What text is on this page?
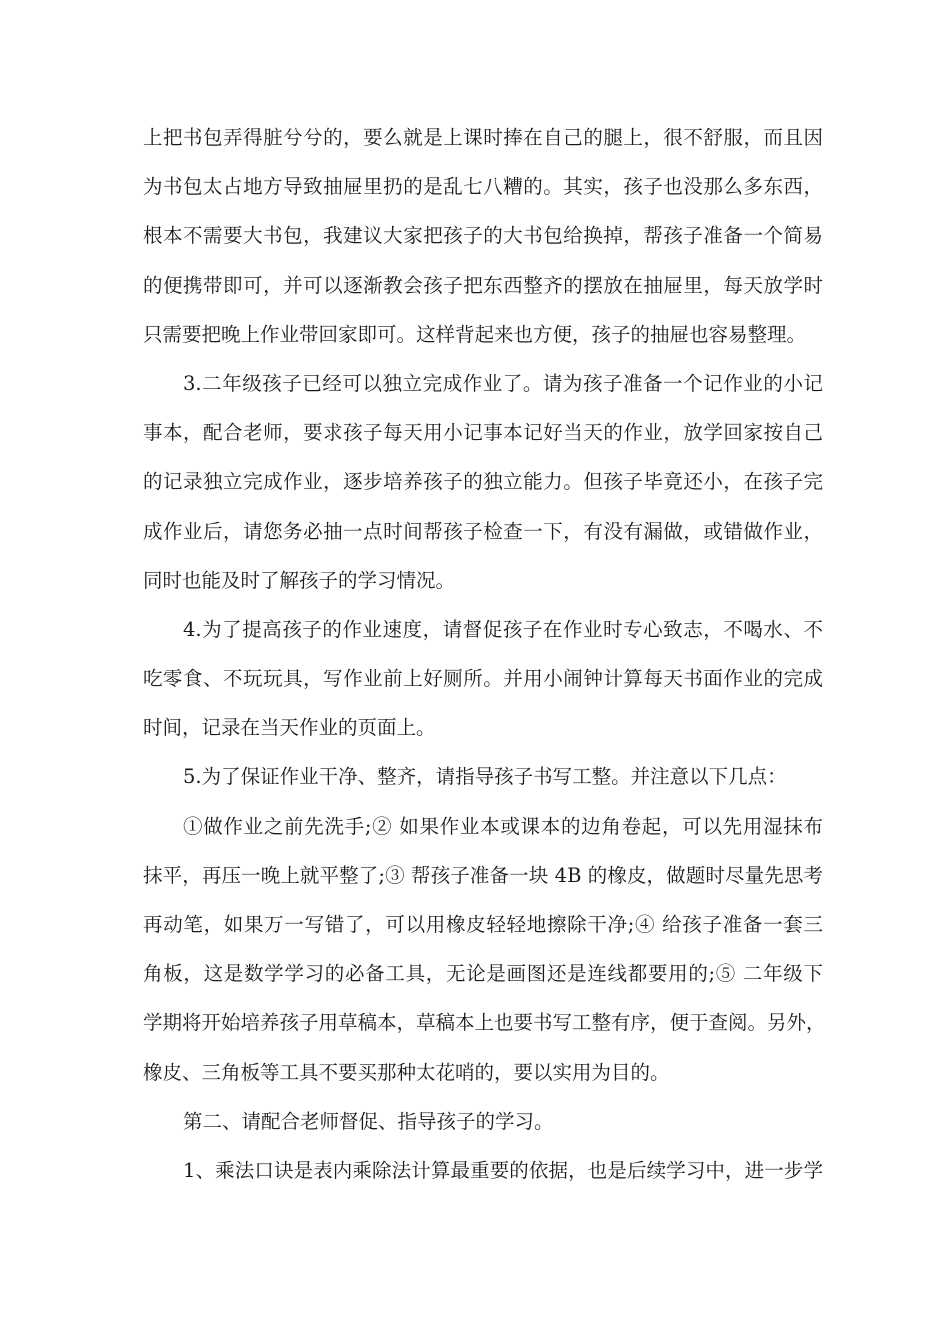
上把书包弄得脏兮兮的，要么就是上课时捧在自己的腿上，很不舒服，而且因
为书包太占地方导致抽屉里扔的是乱七八糟的。其实，孩子也没那么多东西，
根本不需要大书包，我建议大家把孩子的大书包给换掉，帮孩子准备一个简易
的便携带即可，并可以逐渐教会孩子把东西整齐的摆放在抽屉里，每天放学时
只需要把晚上作业带回家即可。这样背起来也方便，孩子的抽屉也容易整理。
3.二年级孩子已经可以独立完成作业了。请为孩子准备一个记作业的小记
事本，配合老师，要求孩子每天用小记事本记好当天的作业，放学回家按自己
的记录独立完成作业，逐步培养孩子的独立能力。但孩子毕竟还小，在孩子完
成作业后，请您务必抽一点时间帮孩子检查一下，有没有漏做，或错做作业，
同时也能及时了解孩子的学习情况。
4.为了提高孩子的作业速度，请督促孩子在作业时专心致志，不喝水、不
吃零食、不玩玩具，写作业前上好厕所。并用小闹钟计算每天书面作业的完成
时间，记录在当天作业的页面上。
5.为了保证作业干净、整齐，请指导孩子书写工整。并注意以下几点：
①做作业之前先洗手;② 如果作业本或课本的边角卷起，可以先用湿抹布
抹平，再压一晚上就平整了;③ 帮孩子准备一块 4B 的橡皮，做题时尽量先思考
再动笔，如果万一写错了，可以用橡皮轻轻地擦除干净;④ 给孩子准备一套三
角板，这是数学学习的必备工具，无论是画图还是连线都要用的;⑤ 二年级下
学期将开始培养孩子用草稿本，草稿本上也要书写工整有序，便于查阅。另外，
橡皮、三角板等工具不要买那种太花哨的，要以实用为目的。
第二、请配合老师督促、指导孩子的学习。
1、乘法口诀是表内乘除法计算最重要的依据，也是后续学习中，进一步学
